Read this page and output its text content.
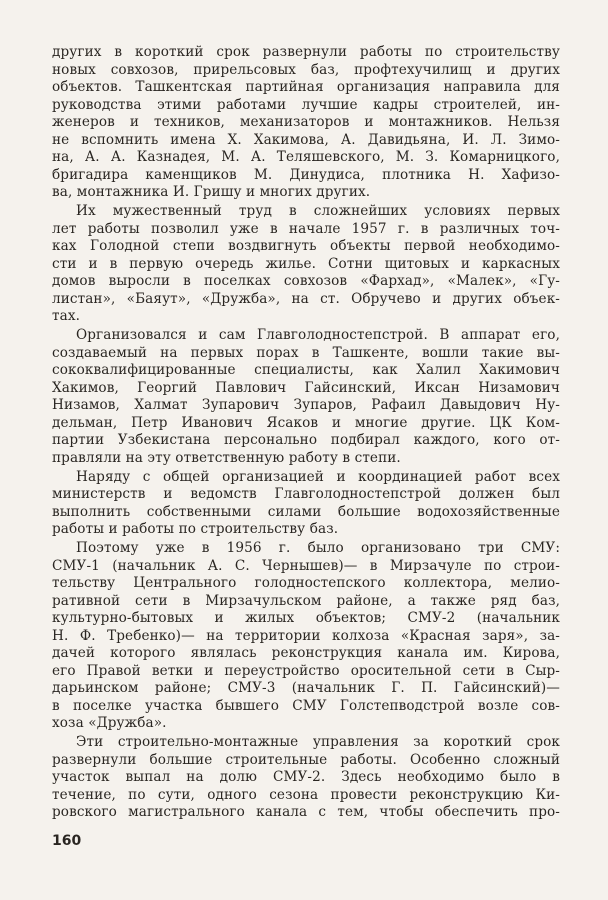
других в короткий срок развернули работы по строительству
новых совхозов, прирельсовых баз, профтехучилищ и других
объектов. Ташкентская партийная организация направила для
руководства этими работами лучшие кадры строителей, ин-
женеров и техников, механизаторов и монтажников. Нельзя
не вспомнить имена Х. Хакимова, А. Давидьяна, И. Л. Зимо-
на, А. А. Казнадея, М. А. Теляшевского, М. З. Комарницкого,
бригадира каменщиков М. Динудиса, плотника Н. Хафизо-
ва, монтажника И. Гришу и многих других.
Их мужественный труд в сложнейших условиях первых
лет работы позволил уже в начале 1957 г. в различных точ-
ках Голодной степи воздвигнуть объекты первой необходимо-
сти и в первую очередь жилье. Сотни щитовых и каркасных
домов выросли в поселках совхозов «Фархад», «Малек», «Гу-
листан», «Баяут», «Дружба», на ст. Обручево и других объек-
тах.
Организовался и сам Главголодностепстрой. В аппарат его,
создаваемый на первых порах в Ташкенте, вошли такие вы-
сококвалифицированные специалисты, как Халил Хакимович
Хакимов, Георгий Павлович Гайсинский, Иксан Низамович
Низамов, Халмат Зупарович Зупаров, Рафаил Давыдович Ну-
дельман, Петр Иванович Ясаков и многие другие. ЦК Ком-
партии Узбекистана персонально подбирал каждого, кого от-
правляли на эту ответственную работу в степи.
Наряду с общей организацией и координацией работ всех
министерств и ведомств Главголодностепстрой должен был
выполнить собственными силами большие водохозяйственные
работы и работы по строительству баз.
Поэтому уже в 1956 г. было организовано три СМУ:
СМУ-1 (начальник А. С. Чернышев)— в Мирзачуле по строи-
тельству Центрального голодностепского коллектора, мелио-
ративной сети в Мирзачульском районе, а также ряд баз,
культурно-бытовых и жилых объектов; СМУ-2 (начальник
Н. Ф. Требенко)— на территории колхоза «Красная заря», за-
дачей которого являлась реконструкция канала им. Кирова,
его Правой ветки и переустройство оросительной сети в Сыр-
дарьинском районе; СМУ-3 (начальник Г. П. Гайсинский)—
в поселке участка бывшего СМУ Голстепводстрой возле сов-
хоза «Дружба».
Эти строительно-монтажные управления за короткий срок
развернули большие строительные работы. Особенно сложный
участок выпал на долю СМУ-2. Здесь необходимо было в
течение, по сути, одного сезона провести реконструкцию Ки-
ровского магистрального канала с тем, чтобы обеспечить про-
160
